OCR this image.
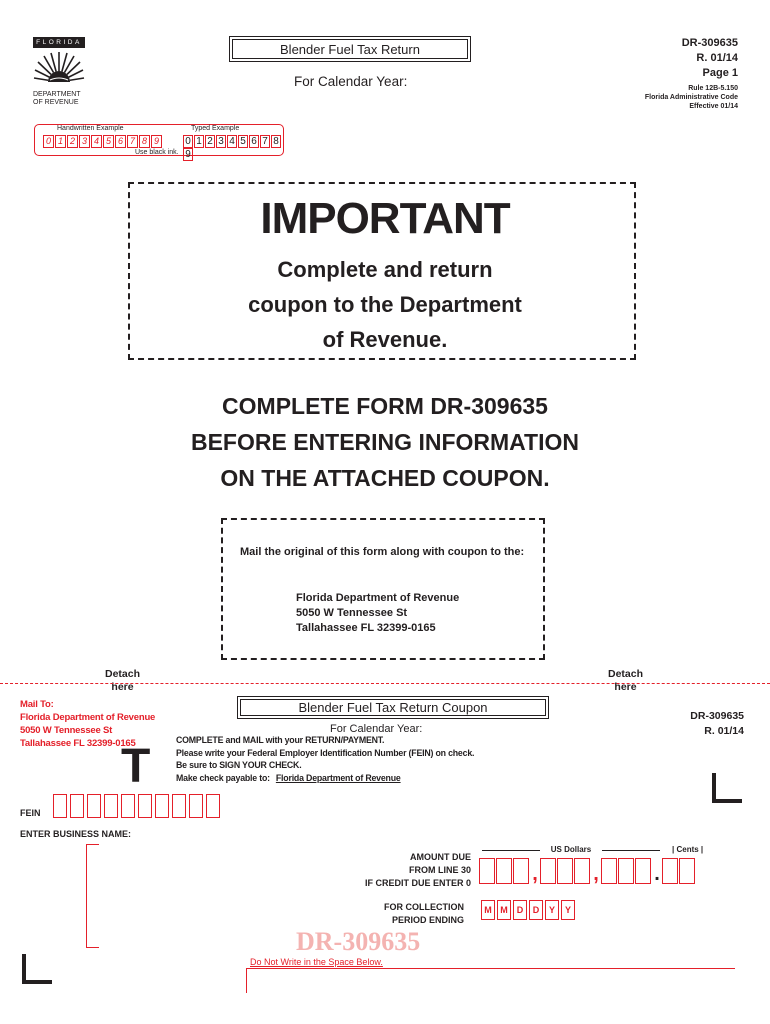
FLORIDA
DEPARTMENT
OF REVENUE
Blender Fuel Tax Return
For Calendar Year:
DR-309635
R. 01/14
Page 1
Rule 12B-5.150
Florida Administrative Code
Effective 01/14
Handwritten Example	Typed Example
0 1 2 3 4 5 6 7 8 9	0 1 2 3 4 5 6 7 89
Use black ink.
IMPORTANT
Complete and return
coupon to the Department
of Revenue.
COMPLETE FORM DR-309635
BEFORE ENTERING INFORMATION
ON THE ATTACHED COUPON.
Mail the original of this form along with coupon to the:
Florida Department of Revenue
5050 W Tennessee St
Tallahassee FL 32399-0165
Detach
here
Detach
here
Mail To:
Florida Department of Revenue
5050 W Tennessee St
Tallahassee FL 32399-0165
Blender Fuel Tax Return Coupon
For Calendar Year:
DR-309635
R. 01/14
COMPLETE and MAIL with your RETURN/PAYMENT.
Please write your Federal Employer Identification Number (FEIN) on check.
Be sure to SIGN YOUR CHECK.
Make check payable to: Florida Department of Revenue
T
FEIN
ENTER BUSINESS NAME:
US Dollars	| Cents |
AMOUNT DUE
FROM LINE 30
IF CREDIT DUE ENTER 0	,	,	.
FOR COLLECTION
PERIOD ENDING
M M D D Y Y
DR-309635
Do Not Write in the Space Below.
